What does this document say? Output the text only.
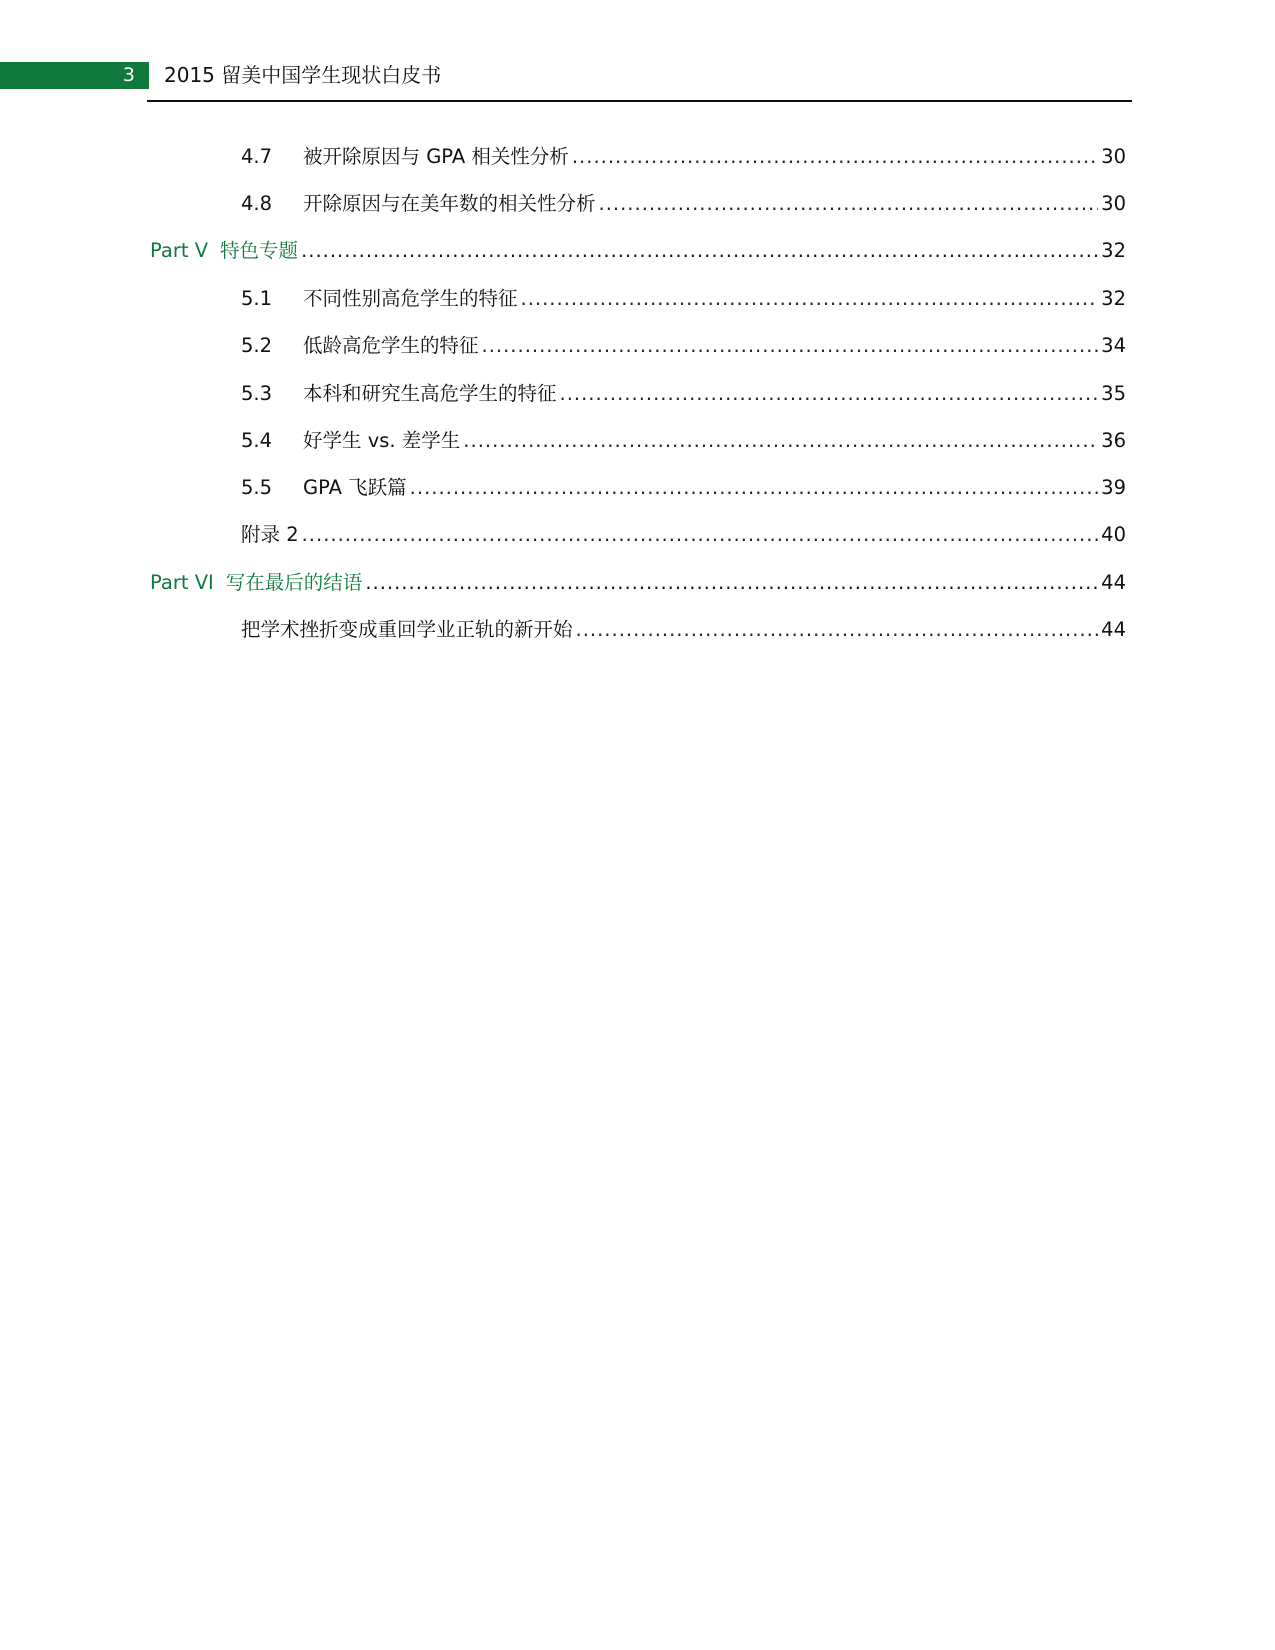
3 2015 留美中国学生现状白皮书
4.7	被开除原因与 GPA 相关性分析 .....	30
4.8	开除原因与在美年数的相关性分析 .....	30
Part V 特色专题 .....	32
5.1	不同性别高危学生的特征 .....	32
5.2	低龄高危学生的特征 .....	34
5.3	本科和研究生高危学生的特征 .....	35
5.4	好学生 vs. 差学生 .....	36
5.5	GPA 飞跃篇 .....	39
附录 2 .....	40
Part VI 写在最后的结语 .....	44
把学术挫折变成重回学业正轨的新开始 .....	44
